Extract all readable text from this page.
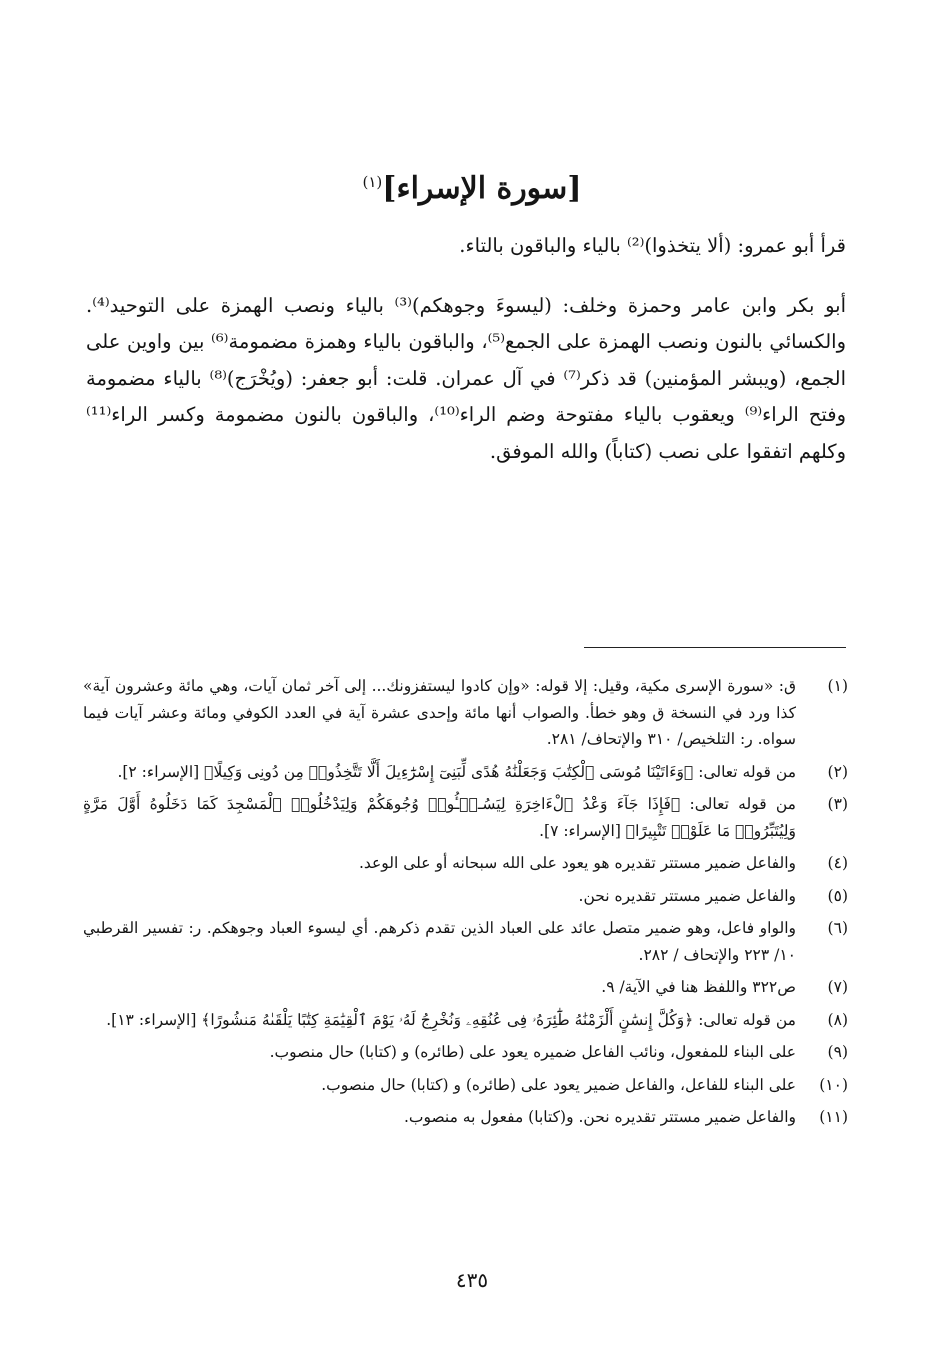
[سورة الإسراء]$^{(١)}$

قرأ أبو عمرو: (ألا يتخذوا)⁽²⁾ بالياء والباقون بالتاء.

أبو بكر وابن عامر وحمزة وخلف: (ليسوءَ وجوهكم)⁽³⁾ بالياء ونصب الهمزة على التوحيد⁽⁴⁾. والكسائي بالنون ونصب الهمزة على الجمع⁽⁵⁾، والباقون بالياء وهمزة مضمومة⁽⁶⁾ بين واوين على الجمع، (ويبشر المؤمنين) قد ذكر⁽⁷⁾ في آل عمران. قلت: أبو جعفر: (ويُخْرَج)⁽⁸⁾ بالياء مضمومة وفتح الراء⁽⁹⁾ ويعقوب بالياء مفتوحة وضم الراء⁽¹⁰⁾، والباقون بالنون مضمومة وكسر الراء⁽¹¹⁾ وكلهم اتفقوا على نصب (كتاباً) والله الموفق.

(١)
ق: «سورة الإسرى مكية، وقيل: إلا قوله: «وإن كادوا ليستفزونك... إلى آخر ثمان آيات، وهي مائة وعشرون آية» كذا ورد في النسخة ق وهو خطأ. والصواب أنها مائة وإحدى عشرة آية في العدد الكوفي ومائة وعشر آيات فيما سواه. ر: التلخيص/ ٣١٠ والإتحاف/ ٢٨١.
(٢)
من قوله تعالى: ﴿وَءَاتَيْنَا مُوسَى ٱلْكِتَٰبَ وَجَعَلْنَٰهُ هُدًى لِّبَنِىٓ إِسْرَٰٓءِيلَ أَلَّا تَتَّخِذُوا۟ مِن دُونِى وَكِيلًا﴾ [الإسراء: ٢].
(٣)
من قوله تعالى: ﴿فَإِذَا جَآءَ وَعْدُ ٱلْءَاخِرَةِ لِيَسُـۥٓـُٔوا۟ وُجُوهَكُمْ وَلِيَدْخُلُوا۟ ٱلْمَسْجِدَ كَمَا دَخَلُوهُ أَوَّلَ مَرَّةٍ وَلِيُتَبِّرُوا۟ مَا عَلَوْا۟ تَتْبِيرًا﴾ [الإسراء: ٧].
(٤)
والفاعل ضمير مستتر تقديره هو يعود على الله سبحانه أو على الوعد.
(٥)
والفاعل ضمير مستتر تقديره نحن.
(٦)
والواو فاعل، وهو ضمير متصل عائد على العباد الذين تقدم ذكرهم. أي ليسوء العباد وجوهكم. ر: تفسير القرطبي ١٠/ ٢٢٣ والإتحاف / ٢٨٢.
(٧)
ص٣٢٢ واللفظ هنا في الآية/ ٩.
(٨)
من قوله تعالى: ﴿وَكُلَّ إِنسَٰنٍ أَلْزَمْنَٰهُ طَٰٓئِرَهُۥ فِى عُنُقِهِۦ وَنُخْرِجُ لَهُۥ يَوْمَ ٱلْقِيَٰمَةِ كِتَٰبًا يَلْقَىٰهُ مَنشُورًا﴾ [الإسراء: ١٣].
(٩)
على البناء للمفعول، ونائب الفاعل ضميره يعود على (طائره) و (كتابا) حال منصوب.
(١٠)
على البناء للفاعل، والفاعل ضمير يعود على (طائره) و (كتابا) حال منصوب.
(١١)
والفاعل ضمير مستتر تقديره نحن. و(كتابا) مفعول به منصوب.
٤٣٥
